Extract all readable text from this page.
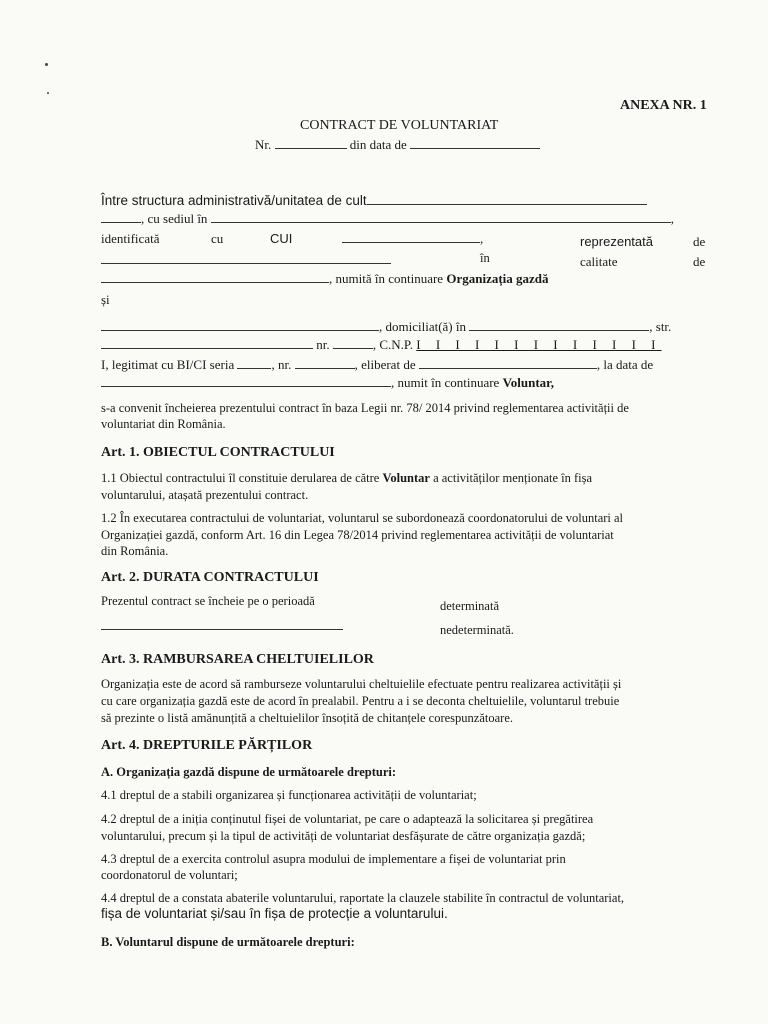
ANEXA NR. 1
CONTRACT DE VOLUNTARIAT
Nr.	din data de
Între structura administrativă/unitatea de cult
, cu sediul în	,
identificată	cu	CUI	,	reprezentată	de
în	calitate	de
, numită în continuare Organizația gazdă
și
, domiciliat(ă) în	, str.
nr.	, C.N.P. I I I I I I I I I I I I I
I, legitimat cu BI/CI seria	, nr.	, eliberat de	, la data de
, numit în continuare Voluntar,
s-a convenit încheierea prezentului contract în baza Legii nr. 78/ 2014 privind reglementarea activității de
voluntariat din România.
Art. 1. OBIECTUL CONTRACTULUI
1.1 Obiectul contractului îl constituie derularea de către Voluntar a activităților menționate în fișa
voluntarului, atașată prezentului contract.
1.2 În executarea contractului de voluntariat, voluntarul se subordonează coordonatorului de voluntari al
Organizației gazdă, conform Art. 16 din Legea 78/2014 privind reglementarea activității de voluntariat
din România.
Art. 2. DURATA CONTRACTULUI
Prezentul contract se încheie pe o perioadă	determinată
nedeterminată.
Art. 3. RAMBURSAREA CHELTUIELILOR
Organizația este de acord să ramburseze voluntarului cheltuielile efectuate pentru realizarea activității și
cu care organizația gazdă este de acord în prealabil. Pentru a i se deconta cheltuielile, voluntarul trebuie
să prezinte o listă amănunțită a cheltuielilor însoțită de chitanțele corespunzătoare.
Art. 4. DREPTURILE PĂRȚILOR
A. Organizația gazdă dispune de următoarele drepturi:
4.1 dreptul de a stabili organizarea și funcționarea activității de voluntariat;
4.2 dreptul de a iniția conținutul fișei de voluntariat, pe care o adaptează la solicitarea și pregătirea
voluntarului, precum și la tipul de activități de voluntariat desfășurate de către organizația gazdă;
4.3 dreptul de a exercita controlul asupra modului de implementare a fișei de voluntariat prin
coordonatorul de voluntari;
4.4 dreptul de a constata abaterile voluntarului, raportate la clauzele stabilite în contractul de voluntariat,
fișa de voluntariat și/sau în fișa de protecție a voluntarului.
B. Voluntarul dispune de următoarele drepturi:
